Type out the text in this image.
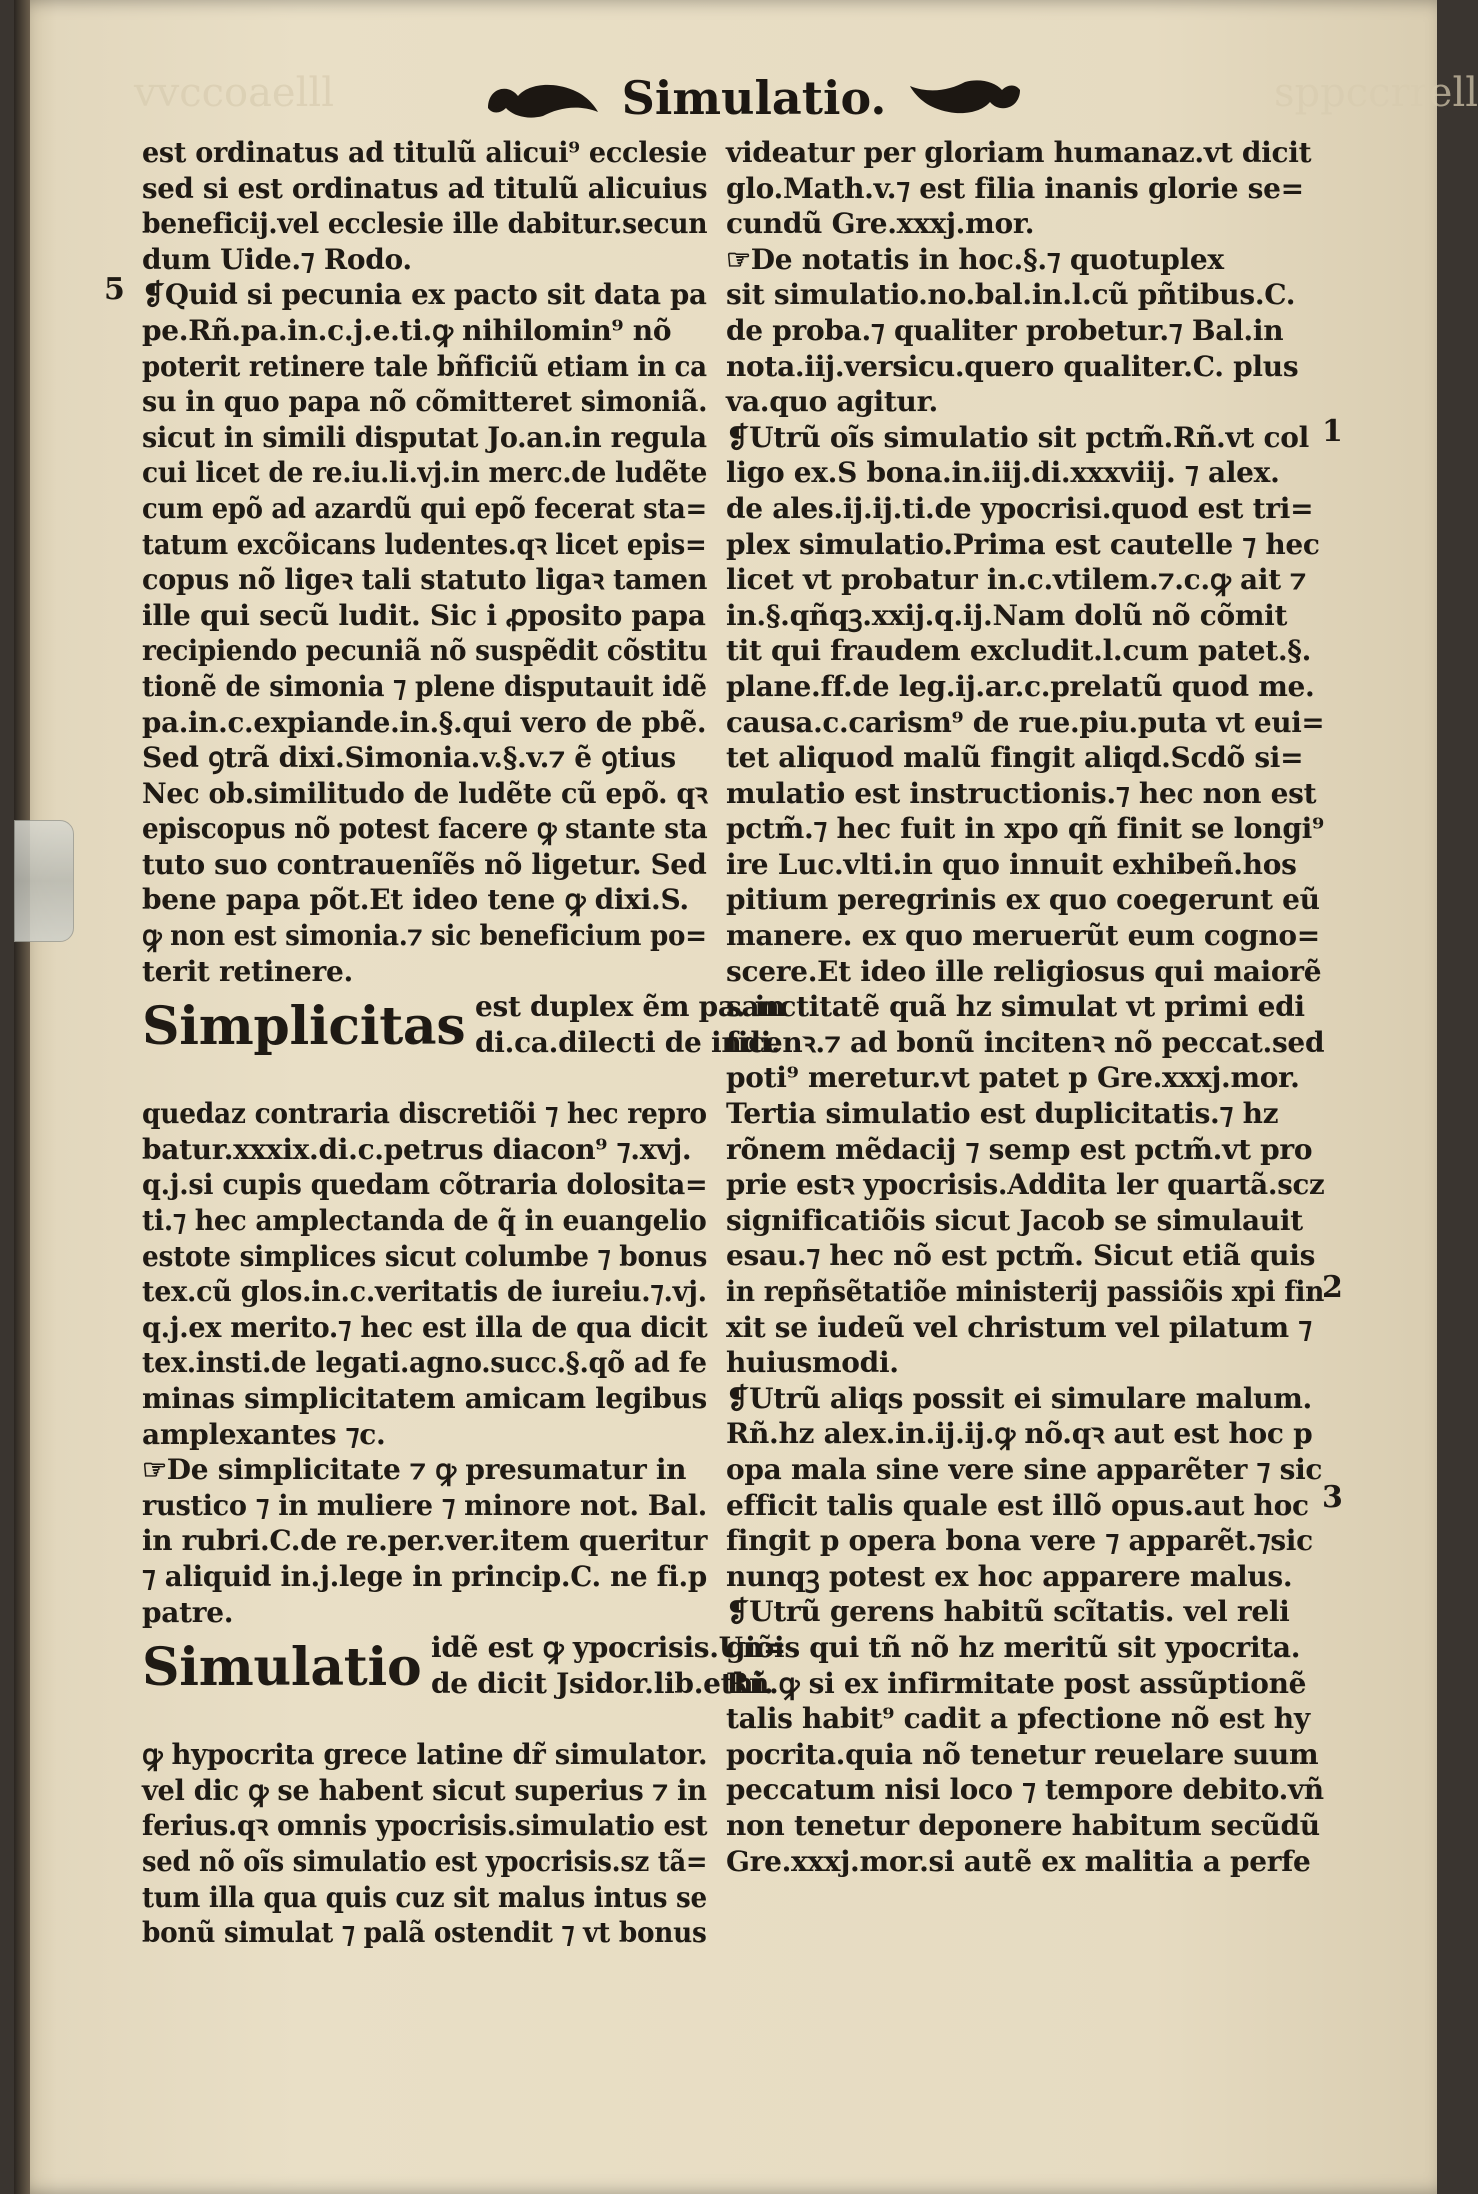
vvccoaelll	sppccrrell
Simulatio.
5
1
2
3
est ordinatus ad titulũ alicui⁹ ecclesie
sed si est ordinatus ad titulũ alicuius
beneficij.vel ecclesie ille dabitur.secun
dum Uide.⁊ Rodo.
❡Quid si pecunia ex pacto sit data pa
pe.Rñ.pa.in.c.j.e.ti.ꝙ nihilomin⁹ nõ
poterit retinere tale bñficiũ etiam in ca
su in quo papa nõ cõmitteret simoniã.
sicut in simili disputat Jo.an.in regula
cui licet de re.iu.li.vj.in merc.de ludẽte
cum epõ ad azardũ qui epõ fecerat sta=
tatum excõicans ludentes.qꝛ licet epis=
copus nõ ligeꝛ tali statuto ligaꝛ tamen
ille qui secũ ludit. Sic i ꝓposito papa
recipiendo pecuniã nõ suspẽdit cõstitu
tionẽ de simonia ⁊ plene disputauit idẽ
pa.in.c.expiande.in.§.qui vero de pbẽ.
Sed ꝯtrã dixi.Simonia.v.§.v.⁊ ẽ ꝯtius
Nec ob.similitudo de ludẽte cũ epõ. qꝛ
episcopus nõ potest facere ꝙ stante sta
tuto suo contrauenĩẽs nõ ligetur. Sed
bene papa põt.Et ideo tene ꝙ dixi.S.
ꝙ non est simonia.⁊ sic beneficium po=
terit retinere.
Simplicitas est duplex ẽm pa. in
di.ca.dilecti de indi.
quedaz contraria discretiõi ⁊ hec repro
batur.xxxix.di.c.petrus diacon⁹ ⁊.xvj.
q.j.si cupis quedam cõtraria dolosita=
ti.⁊ hec amplectanda de q̃ in euangelio
estote simplices sicut columbe ⁊ bonus
tex.cũ glos.in.c.veritatis de iureiu.⁊.vj.
q.j.ex merito.⁊ hec est illa de qua dicit
tex.insti.de legati.agno.succ.§.qõ ad fe
minas simplicitatem amicam legibus
amplexantes ⁊c.
☞De simplicitate ⁊ ꝙ presumatur in
rustico ⁊ in muliere ⁊ minore not. Bal.
in rubri.C.de re.per.ver.item queritur
⁊ aliquid in.j.lege in princip.C. ne fi.p
patre.
Simulatio idẽ est ꝙ ypocrisis.Un=
de dicit Jsidor.lib.ethi.
ꝙ hypocrita grece latine dr̃ simulator.
vel dic ꝙ se habent sicut superius ⁊ in
ferius.qꝛ omnis ypocrisis.simulatio est
sed nõ oĩs simulatio est ypocrisis.sz tã=
tum illa qua quis cuz sit malus intus se
bonũ simulat ⁊ palã ostendit ⁊ vt bonus
videatur per gloriam humanaz.vt dicit
glo.Math.v.⁊ est filia inanis glorie se=
cundũ Gre.xxxj.mor.
☞De notatis in hoc.§.⁊ quotuplex
sit simulatio.no.bal.in.l.cũ pñtibus.C.
de proba.⁊ qualiter probetur.⁊ Bal.in
nota.iij.versicu.quero qualiter.C. plus
va.quo agitur.
❡Utrũ oĩs simulatio sit pctm̃.Rñ.vt col
ligo ex.S bona.in.iij.di.xxxviij. ⁊ alex.
de ales.ij.ij.ti.de ypocrisi.quod est tri=
plex simulatio.Prima est cautelle ⁊ hec
licet vt probatur in.c.vtilem.⁊.c.ꝙ ait ⁊
in.§.qñqꝫ.xxij.q.ij.Nam dolũ nõ cõmit
tit qui fraudem excludit.l.cum patet.§.
plane.ff.de leg.ij.ar.c.prelatũ quod me.
causa.c.carism⁹ de rue.piu.puta vt eui=
tet aliquod malũ fingit aliqd.Scdõ si=
mulatio est instructionis.⁊ hec non est
pctm̃.⁊ hec fuit in xpo qñ finit se longi⁹
ire Luc.vlti.in quo innuit exhibeñ.hos
pitium peregrinis ex quo coegerunt eũ
manere. ex quo meruerũt eum cogno=
scere.Et ideo ille religiosus qui maiorẽ
sanctitatẽ quã hz simulat vt primi edi
ficenꝛ.⁊ ad bonũ incitenꝛ nõ peccat.sed
poti⁹ meretur.vt patet p Gre.xxxj.mor.
Tertia simulatio est duplicitatis.⁊ hz
rõnem mẽdacij ⁊ semp est pctm̃.vt pro
prie estꝛ ypocrisis.Addita ler quartã.scz
significatiõis sicut Jacob se simulauit
esau.⁊ hec nõ est pctm̃. Sicut etiã quis
in repñsẽtatiõe ministerij passiõis xpi fin
xit se iudeũ vel christum vel pilatum ⁊
huiusmodi.
❡Utrũ aliqs possit ei simulare malum.
Rñ.hz alex.in.ij.ij.ꝙ nõ.qꝛ aut est hoc p
opa mala sine vere sine apparẽter ⁊ sic
efficit talis quale est illõ opus.aut hoc
fingit p opera bona vere ⁊ apparẽt.⁊sic
nunqꝫ potest ex hoc apparere malus.
❡Utrũ gerens habitũ scĩtatis. vel reli
giõis qui tñ nõ hz meritũ sit ypocrita.
Rñ.ꝙ si ex infirmitate post assũptionẽ
talis habit⁹ cadit a pfectione nõ est hy
pocrita.quia nõ tenetur reuelare suum
peccatum nisi loco ⁊ tempore debito.vñ
non tenetur deponere habitum secũdũ
Gre.xxxj.mor.si autẽ ex malitia a perfe
